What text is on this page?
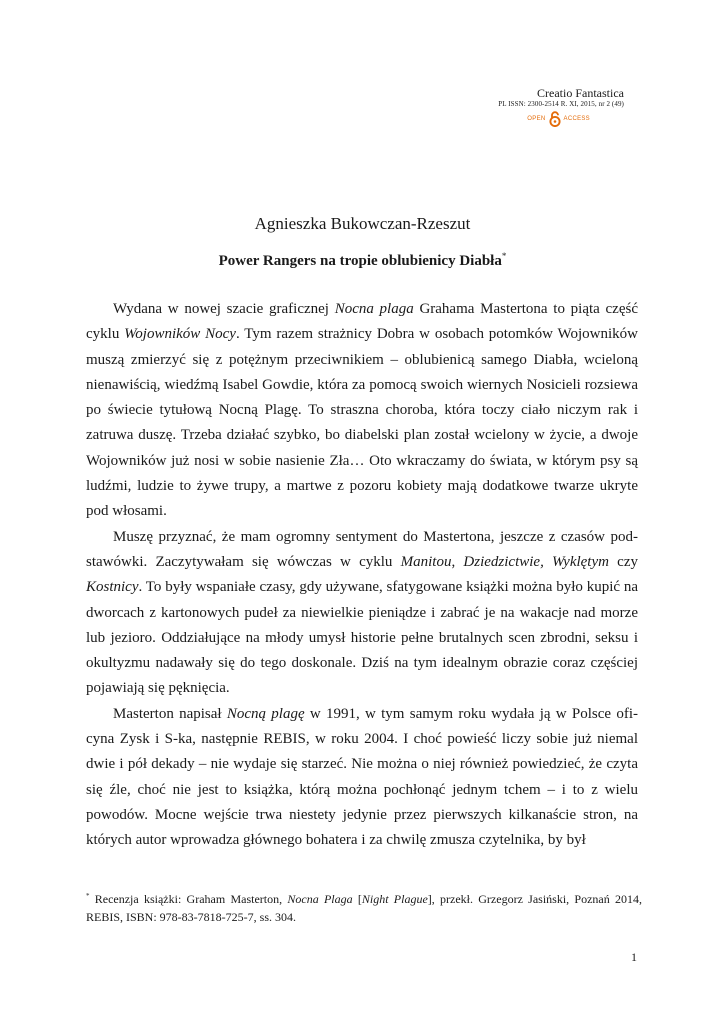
Creatio Fantastica
PL ISSN: 2300-2514 R. XI, 2015, nr 2 (49)
OPEN	ACCESS
Agnieszka Bukowczan-Rzeszut
Power Rangers na tropie oblubienicy Diabła*

Wydana w nowej szacie graficznej Nocna plaga Grahama Mastertona to piąta część cyklu Wojowników Nocy. Tym razem strażnicy Dobra w osobach potomków Wojowników muszą zmierzyć się z potężnym przeciwnikiem – oblubienicą samego Diabła, wcieloną nienawiścią, wiedźmą Isabel Gowdie, która za pomocą swoich wiernych Nosicieli rozsiewa po świecie tytułową Nocną Plagę. To straszna choroba, która toczy ciało niczym rak i zatruwa duszę. Trzeba działać szybko, bo diabelski plan został wcielony w życie, a dwoje Wojowników już nosi w sobie nasienie Zła… Oto wkraczamy do świata, w którym psy są ludźmi, ludzie to żywe trupy, a martwe z pozoru kobiety mają dodatkowe twarze ukryte pod włosami.

Muszę przyznać, że mam ogromny sentyment do Mastertona, jeszcze z czasów podstawówki. Zaczytywałam się wówczas w cyklu Manitou, Dziedzictwie, Wyklętym czy Kostnicy. To były wspaniałe czasy, gdy używane, sfatygowane książki można było kupić na dworcach z kartonowych pudeł za niewielkie pieniądze i zabrać je na wakacje nad morze lub jezioro. Oddziałujące na młody umysł historie pełne brutalnych scen zbrodni, seksu i okultyzmu nadawały się do tego doskonale. Dziś na tym idealnym obrazie coraz częściej pojawiają się pęknięcia.

Masterton napisał Nocną plagę w 1991, w tym samym roku wydała ją w Polsce oficyna Zysk i S-ka, następnie REBIS, w roku 2004. I choć powieść liczy sobie już niemal dwie i pół dekady – nie wydaje się starzeć. Nie można o niej również powiedzieć, że czyta się źle, choć nie jest to książka, którą można pochłonąć jednym tchem – i to z wielu powodów. Mocne wejście trwa niestety jedynie przez pierwszych kilkanaście stron, na których autor wprowadza głównego bohatera i za chwilę zmusza czytelnika, by był

* Recenzja książki: Graham Masterton, Nocna Plaga [Night Plague], przekł. Grzegorz Jasiński, Poznań 2014, REBIS, ISBN: 978-83-7818-725-7, ss. 304.
1
